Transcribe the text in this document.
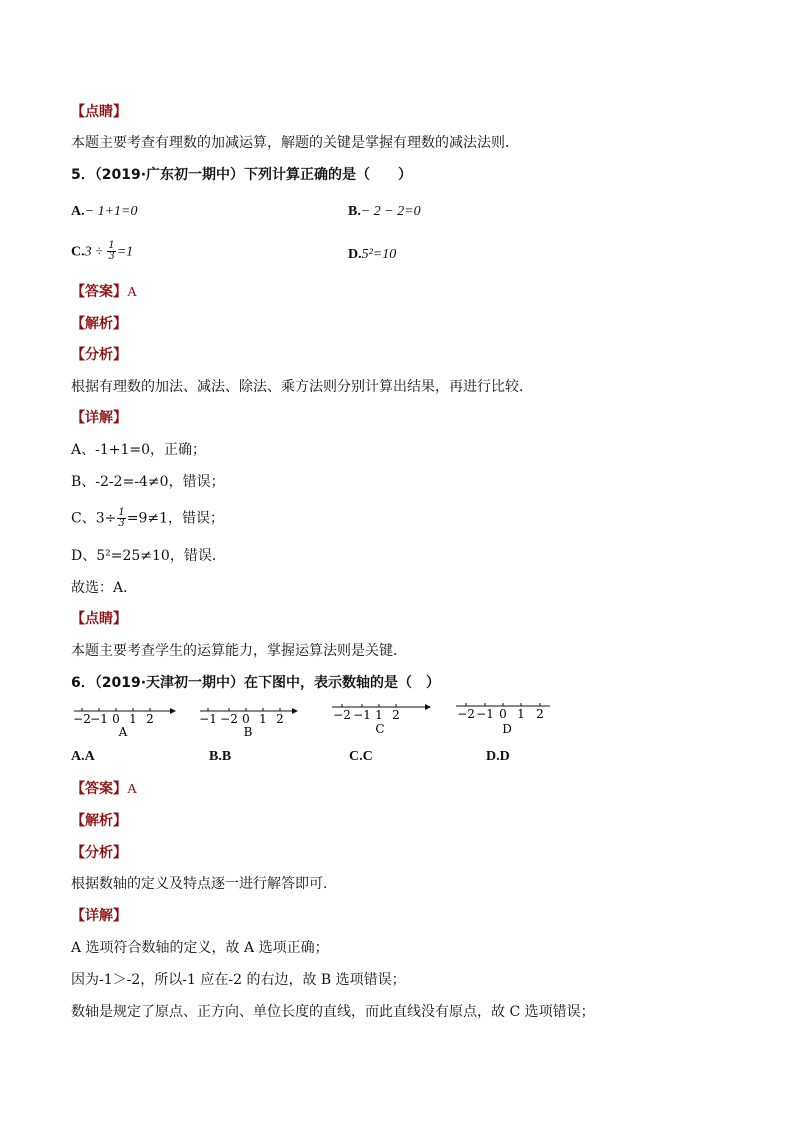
【点睛】
本题主要考查有理数的加减运算，解题的关键是掌握有理数的减法法则．
5．（2019·广东初一期中）下列计算正确的是（　　）
A.− 1+1=0	B.− 2 − 2=0
$C.3 \div \frac{1}{3} =1$	D.5²=10
【答案】A
【解析】
【分析】
根据有理数的加法、减法、除法、乘方法则分别计算出结果，再进行比较．
【详解】
A、-1+1=0，正确；
B、-2-2=-4≠0，错误；
C、$3\div \frac{1}{3} =9\ne 1$，错误；
D、5²=25≠10，错误．
故选：A．
【点睛】
本题主要考查学生的运算能力，掌握运算法则是关键．
6．（2019·天津初一期中）在下图中，表示数轴的是（　）
−2 −1 0 1 2
A
−1 −2 0 1 2
B
−2 −1 1 2
C
−2 −1 0 1 2
D
A.A	B.B	C.C	D.D
【答案】A
【解析】
【分析】
根据数轴的定义及特点逐一进行解答即可.
【详解】
A 选项符合数轴的定义，故 A 选项正确；
因为-1＞-2，所以-1 应在-2 的右边，故 B 选项错误；
数轴是规定了原点、正方向、单位长度的直线，而此直线没有原点，故 C 选项错误；
